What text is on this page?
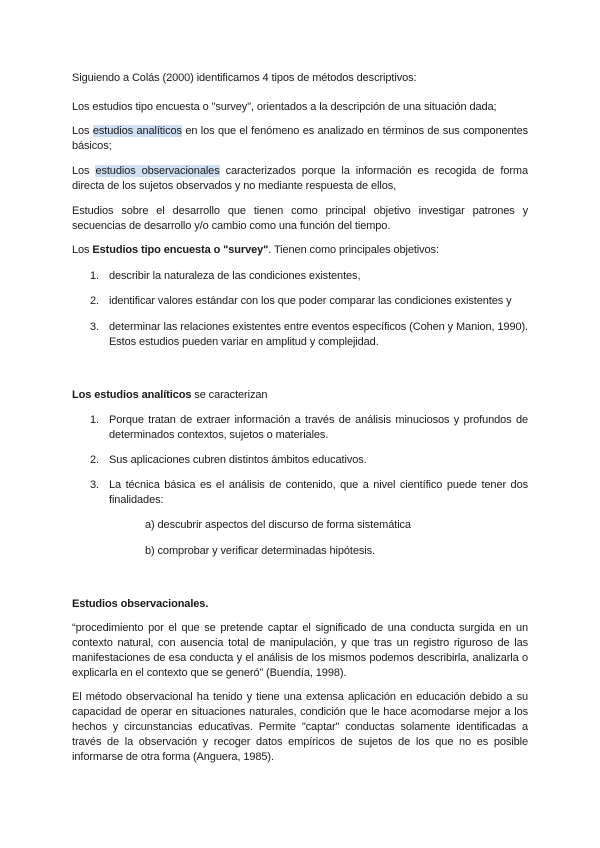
Siguiendo a Colás (2000) identificamos 4 tipos de métodos descriptivos:

Los estudios tipo encuesta o "survey", orientados a la descripción de una situación dada;

Los estudios analíticos en los que el fenómeno es analizado en términos de sus componentes básicos;

Los estudios observacionales caracterizados porque la información es recogida de forma directa de los sujetos observados y no mediante respuesta de ellos,

Estudios sobre el desarrollo que tienen como principal objetivo investigar patrones y secuencias de desarrollo y/o cambio como una función del tiempo.

Los Estudios tipo encuesta o "survey". Tienen como principales objetivos:

1. describir la naturaleza de las condiciones existentes,
2. identificar valores estándar con los que poder comparar las condiciones existentes y
3. determinar las relaciones existentes entre eventos específicos (Cohen y Manion, 1990). Estos estudios pueden variar en amplitud y complejidad.

Los estudios analíticos se caracterizan

1. Porque tratan de extraer información a través de análisis minuciosos y profundos de determinados contextos, sujetos o materiales.
2. Sus aplicaciones cubren distintos ámbitos educativos.
3. La técnica básica es el análisis de contenido, que a nivel científico puede tener dos finalidades:

a) descubrir aspectos del discurso de forma sistemática

b) comprobar y verificar determinadas hipótesis.

Estudios observacionales.

“procedimiento por el que se pretende captar el significado de una conducta surgida en un contexto natural, con ausencia total de manipulación, y que tras un registro riguroso de las manifestaciones de esa conducta y el análisis de los mismos podemos describirla, analizarla o explicarla en el contexto que se generó” (Buendía, 1998).

El método observacional ha tenido y tiene una extensa aplicación en educación debido a su capacidad de operar en situaciones naturales, condición que le hace acomodarse mejor a los hechos y circunstancias educativas. Permite "captar" conductas solamente identificadas a través de la observación y recoger datos empíricos de sujetos de los que no es posible informarse de otra forma (Anguera, 1985).
